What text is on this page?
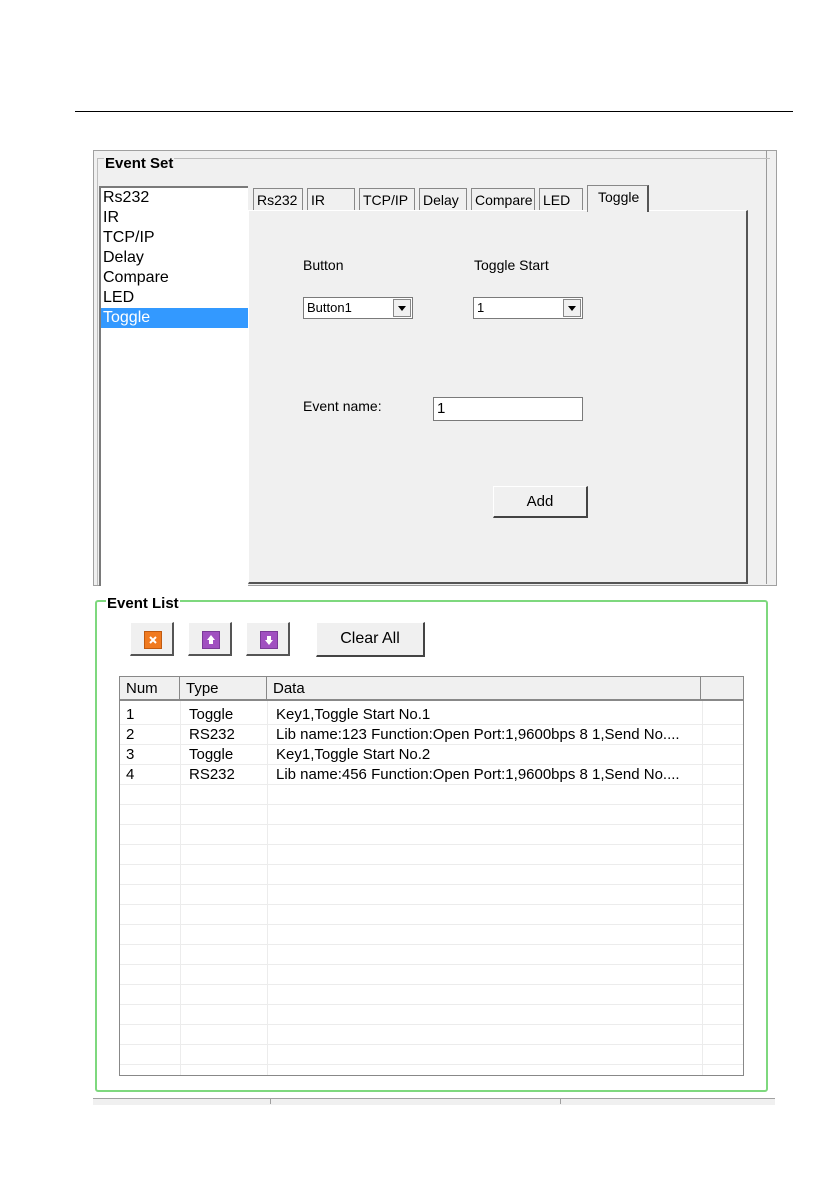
Event Set
Rs232
IR
TCP/IP
Delay
Compare
LED
Toggle
Rs232 IR	TCP/IP	Delay	Compare LED	Toggle
Button	Toggle Start
Button1	1
Event name:	1
Add
Event List
Clear All
Num	Type	Data
1	Toggle	Key1,Toggle Start No.1
2	RS232	Lib name:123 Function:Open Port:1,9600bps 8 1,Send No....
3	Toggle	Key1,Toggle Start No.2
4	RS232	Lib name:456 Function:Open Port:1,9600bps 8 1,Send No....
